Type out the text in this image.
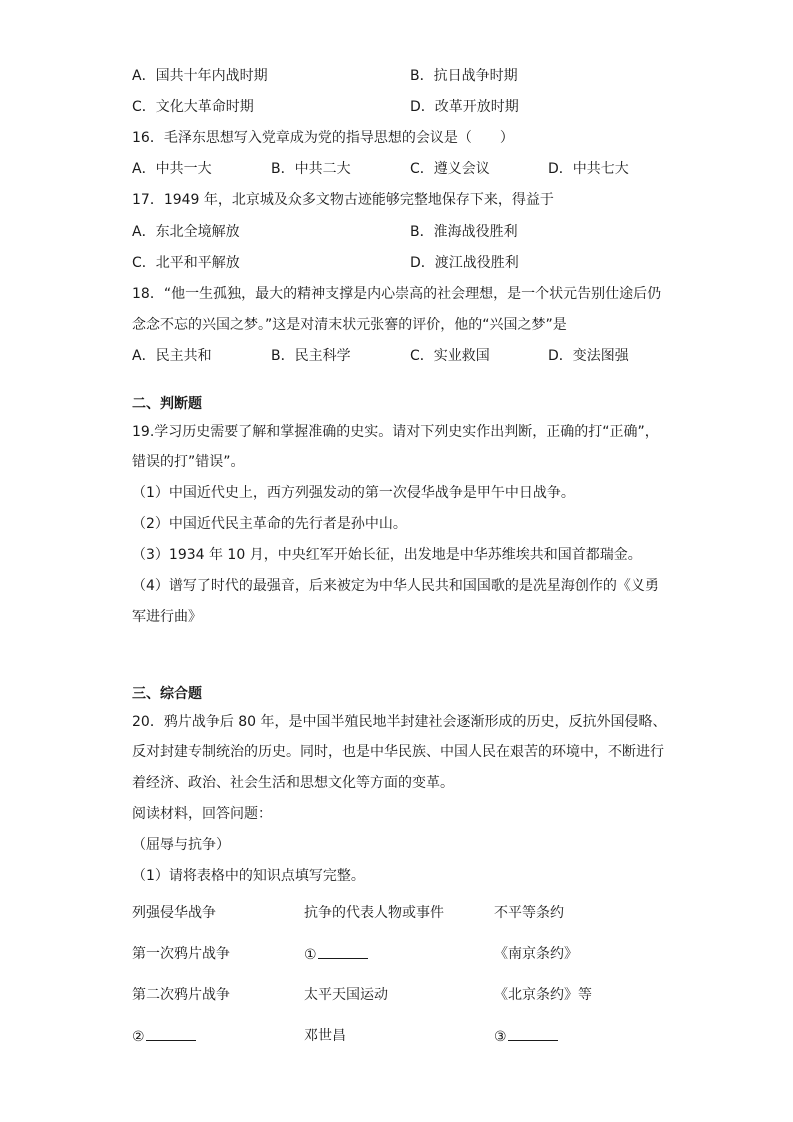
A．国共十年内战时期	B．抗日战争时期
C．文化大革命时期	D．改革开放时期
16．毛泽东思想写入党章成为党的指导思想的会议是（　　）
A．中共一大	B．中共二大	C．遵义会议	D．中共七大
17．1949 年，北京城及众多文物古迹能够完整地保存下来，得益于
A．东北全境解放	B．淮海战役胜利
C．北平和平解放	D．渡江战役胜利
18．“他一生孤独，最大的精神支撑是内心崇高的社会理想，是一个状元告别仕途后仍
念念不忘的兴国之梦。”这是对清末状元张謇的评价，他的“兴国之梦”是
A．民主共和	B．民主科学	C．实业救国	D．变法图强
二、判断题
19.学习历史需要了解和掌握准确的史实。请对下列史实作出判断，正确的打“正确”，
错误的打”错误”。
（1）中国近代史上，西方列强发动的第一次侵华战争是甲午中日战争。
（2）中国近代民主革命的先行者是孙中山。
（3）1934 年 10 月，中央红军开始长征，出发地是中华苏维埃共和国首都瑞金。
（4）谱写了时代的最强音，后来被定为中华人民共和国国歌的是冼星海创作的《义勇
军进行曲》
三、综合题
20．鸦片战争后 80 年，是中国半殖民地半封建社会逐渐形成的历史，反抗外国侵略、
反对封建专制统治的历史。同时，也是中华民族、中国人民在艰苦的环境中，不断进行
着经济、政治、社会生活和思想文化等方面的变革。
阅读材料，回答问题：
（屈辱与抗争）
（1）请将表格中的知识点填写完整。
列强侵华战争	抗争的代表人物或事件	不平等条约
第一次鸦片战争	①	《南京条约》
第二次鸦片战争	太平天国运动	《北京条约》等
②	邓世昌	③
